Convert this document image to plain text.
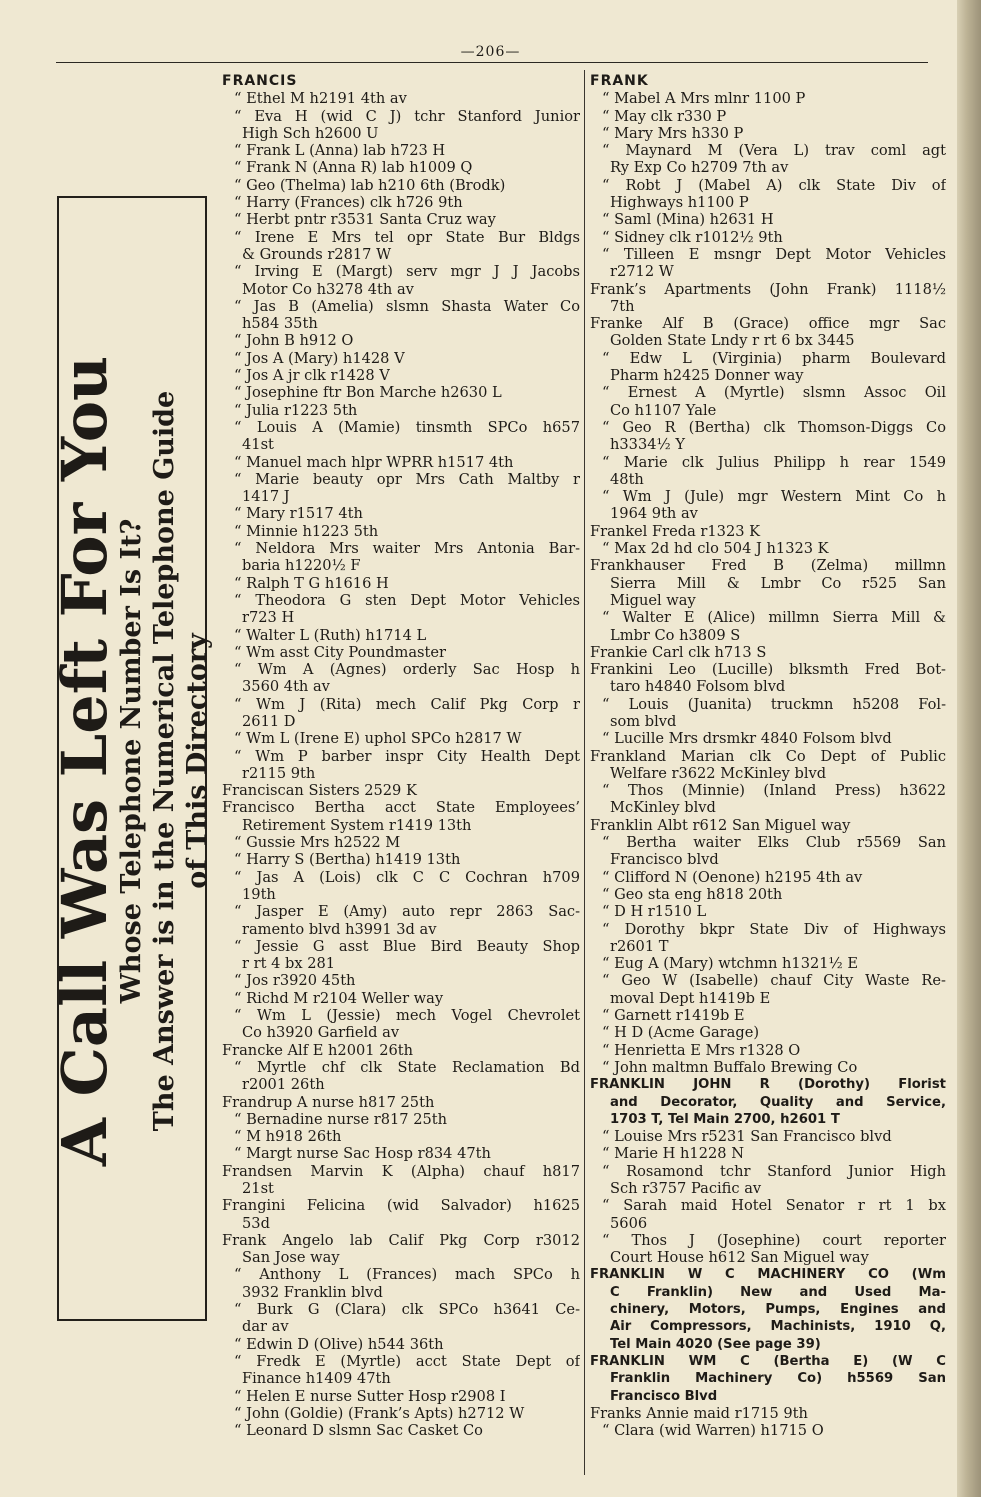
—206—
A Call Was Left For You
Whose Telephone Number Is It? The Answer is in the Numerical Telephone Guide of This Directory
FRANCIS
“ Ethel M h2191 4th av
“ Eva H (wid C J) tchr Stanford Junior
High Sch h2600 U
“ Frank L (Anna) lab h723 H
“ Frank N (Anna R) lab h1009 Q
“ Geo (Thelma) lab h210 6th (Brodk)
“ Harry (Frances) clk h726 9th
“ Herbt pntr r3531 Santa Cruz way
“ Irene E Mrs tel opr State Bur Bldgs
& Grounds r2817 W
“ Irving E (Margt) serv mgr J J Jacobs
Motor Co h3278 4th av
“ Jas B (Amelia) slsmn Shasta Water Co
h584 35th
“ John B h912 O
“ Jos A (Mary) h1428 V
“ Jos A jr clk r1428 V
“ Josephine ftr Bon Marche h2630 L
“ Julia r1223 5th
“ Louis A (Mamie) tinsmth SPCo h657
41st
“ Manuel mach hlpr WPRR h1517 4th
“ Marie beauty opr Mrs Cath Maltby r
1417 J
“ Mary r1517 4th
“ Minnie h1223 5th
“ Neldora Mrs waiter Mrs Antonia Bar-
baria h1220½ F
“ Ralph T G h1616 H
“ Theodora G sten Dept Motor Vehicles
r723 H
“ Walter L (Ruth) h1714 L
“ Wm asst City Poundmaster
“ Wm A (Agnes) orderly Sac Hosp h
3560 4th av
“ Wm J (Rita) mech Calif Pkg Corp r
2611 D
“ Wm L (Irene E) uphol SPCo h2817 W
“ Wm P barber inspr City Health Dept
r2115 9th
Franciscan Sisters 2529 K
Francisco Bertha acct State Employees’
Retirement System r1419 13th
“ Gussie Mrs h2522 M
“ Harry S (Bertha) h1419 13th
“ Jas A (Lois) clk C C Cochran h709
19th
“ Jasper E (Amy) auto repr 2863 Sac-
ramento blvd h3991 3d av
“ Jessie G asst Blue Bird Beauty Shop
r rt 4 bx 281
“ Jos r3920 45th
“ Richd M r2104 Weller way
“ Wm L (Jessie) mech Vogel Chevrolet
Co h3920 Garfield av
Francke Alf E h2001 26th
“ Myrtle chf clk State Reclamation Bd
r2001 26th
Frandrup A nurse h817 25th
“ Bernadine nurse r817 25th
“ M h918 26th
“ Margt nurse Sac Hosp r834 47th
Frandsen Marvin K (Alpha) chauf h817
21st
Frangini Felicina (wid Salvador) h1625
53d
Frank Angelo lab Calif Pkg Corp r3012
San Jose way
“ Anthony L (Frances) mach SPCo h
3932 Franklin blvd
“ Burk G (Clara) clk SPCo h3641 Ce-
dar av
“ Edwin D (Olive) h544 36th
“ Fredk E (Myrtle) acct State Dept of
Finance h1409 47th
“ Helen E nurse Sutter Hosp r2908 I
“ John (Goldie) (Frank’s Apts) h2712 W
“ Leonard D slsmn Sac Casket Co
FRANK
“ Mabel A Mrs mlnr 1100 P
“ May clk r330 P
“ Mary Mrs h330 P
“ Maynard M (Vera L) trav coml agt
Ry Exp Co h2709 7th av
“ Robt J (Mabel A) clk State Div of
Highways h1100 P
“ Saml (Mina) h2631 H
“ Sidney clk r1012½ 9th
“ Tilleen E msngr Dept Motor Vehicles
r2712 W
Frank’s Apartments (John Frank) 1118½
7th
Franke Alf B (Grace) office mgr Sac
Golden State Lndy r rt 6 bx 3445
“ Edw L (Virginia) pharm Boulevard
Pharm h2425 Donner way
“ Ernest A (Myrtle) slsmn Assoc Oil
Co h1107 Yale
“ Geo R (Bertha) clk Thomson-Diggs Co
h3334½ Y
“ Marie clk Julius Philipp h rear 1549
48th
“ Wm J (Jule) mgr Western Mint Co h
1964 9th av
Frankel Freda r1323 K
“ Max 2d hd clo 504 J h1323 K
Frankhauser Fred B (Zelma) millmn
Sierra Mill & Lmbr Co r525 San
Miguel way
“ Walter E (Alice) millmn Sierra Mill &
Lmbr Co h3809 S
Frankie Carl clk h713 S
Frankini Leo (Lucille) blksmth Fred Bot-
taro h4840 Folsom blvd
“ Louis (Juanita) truckmn h5208 Fol-
som blvd
“ Lucille Mrs drsmkr 4840 Folsom blvd
Frankland Marian clk Co Dept of Public
Welfare r3622 McKinley blvd
“ Thos (Minnie) (Inland Press) h3622
McKinley blvd
Franklin Albt r612 San Miguel way
“ Bertha waiter Elks Club r5569 San
Francisco blvd
“ Clifford N (Oenone) h2195 4th av
“ Geo sta eng h818 20th
“ D H r1510 L
“ Dorothy bkpr State Div of Highways
r2601 T
“ Eug A (Mary) wtchmn h1321½ E
“ Geo W (Isabelle) chauf City Waste Re-
moval Dept h1419b E
“ Garnett r1419b E
“ H D (Acme Garage)
“ Henrietta E Mrs r1328 O
“ John maltmn Buffalo Brewing Co
FRANKLIN JOHN R (Dorothy) Florist
and Decorator, Quality and Service,
1703 T, Tel Main 2700, h2601 T
“ Louise Mrs r5231 San Francisco blvd
“ Marie H h1228 N
“ Rosamond tchr Stanford Junior High
Sch r3757 Pacific av
“ Sarah maid Hotel Senator r rt 1 bx
5606
“ Thos J (Josephine) court reporter
Court House h612 San Miguel way
FRANKLIN W C MACHINERY CO (Wm
C Franklin) New and Used Ma-
chinery, Motors, Pumps, Engines and
Air Compressors, Machinists, 1910 Q,
Tel Main 4020 (See page 39)
FRANKLIN WM C (Bertha E) (W C
Franklin Machinery Co) h5569 San
Francisco Blvd
Franks Annie maid r1715 9th
“ Clara (wid Warren) h1715 O
